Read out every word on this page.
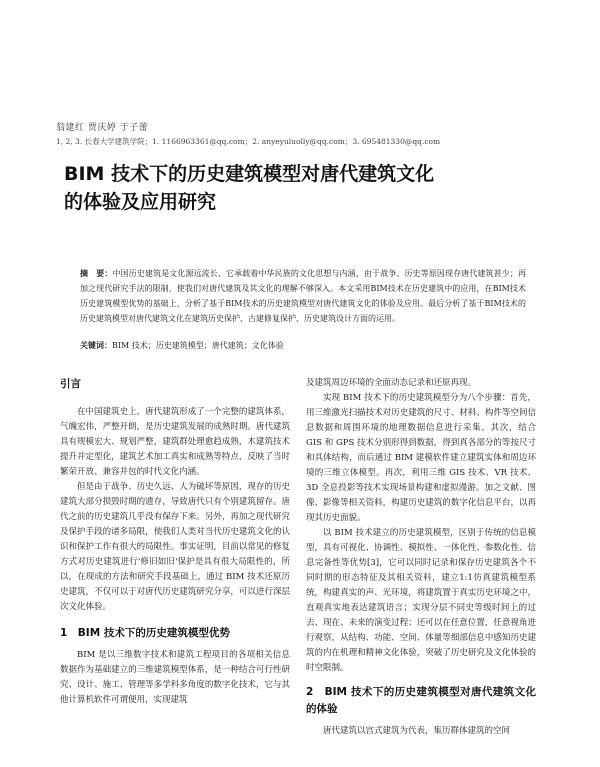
翁建红 贾庆婷 于子蕾
1, 2, 3. 长春大学建筑学院；1. 1166963361@qq.com；2. anyeyuluolly@qq.com；3. 695481330@qq.com
BIM 技术下的历史建筑模型对唐代建筑文化
的体验及应用研究
摘　要：中国历史建筑是文化源远流长、它承载着中华民族的文化思想与内涵，由于战争、历史等原因现存唐代建筑甚少；再加之现代研究手法的限制，使我们对唐代建筑及其文化的理解不够深入。本文采用BIM技术在历史建筑中的应用，在BIM技术历史建筑模型优势的基础上，分析了基于BIM技术的历史建筑模型对唐代建筑文化的体验及应用。最后分析了基于BIM技术的历史建筑模型对唐代建筑文化在建筑历史保护、古建修复保护、历史建筑设计方面的运用。
关键词：BIM 技术；历史建筑模型；唐代建筑；文化体验
引言

在中国建筑史上，唐代建筑形成了一个完整的建筑体系，气魄宏伟，严整开朗，是历史建筑发展的成熟时期。唐代建筑具有规模宏大、规划严整，建筑群处理愈趋成熟，木建筑技术提升并定型化，建筑艺术加工真实和成熟等特点，反映了当时繁荣开放、兼容并包的时代文化内涵。

但是由于战争、历史久远、人为破坏等原因，现存的历史建筑大部分损毁时期的遗存，导致唐代只有个别建筑留存。唐代之前的历史建筑几乎没有保存下来。另外，再加之现代研究及保护手段的诸多局限，使我们人类对当代历史建筑文化的认识和保护工作有很大的局限性。事实证明，目前以常见的修复方式对历史建筑进行'修旧如旧'保护是具有很大局限性的，所以，在现成的方法和研究手段基础上，通过 BIM 技术还原历史建筑，不仅可以于对唐代历史建筑研究分享，可以进行深层次文化体验。

1　BIM 技术下的历史建筑模型优势

BIM 是以三维数字技术和建筑工程项目的各项相关信息数据作为基础建立的三维建筑模型体系，是一种结合可行性研究、设计、施工、管理等多学科多角度的数字化技术，它与其他计算机软件可谓便用，实现建筑

及建筑周边环境的全面动态记录和还原再现。

实现 BIM 技术下的历史建筑模型分为八个步骤：首先，用三维激光扫描技术对历史建筑的尺寸、材料、构件等空间信息数据和周围环境的地理数据信息进行采集。其次，结合 GIS 和 GPS 技术分别形得到数据，得到真各部分的等按尺寸和具体结构，而后通过 BIM 建模软件建立建筑实体和周边环境的三维立体模型。再次，利用三维 GIS 技术、VR 技术、3D 全息投影等技术实现场景构建和虚拟漫游。加之文献、图像、影像等相关资料，构建历史建筑的数字化信息平台，以再现其历史面貌。

以 BIM 技术建立的历史建筑模型，区别于传统的信息模型，具有可视化、协调性、模拟性、一体化性、参数化性、信息完备性等优势[3]，它可以同时记录和保存历史建筑各个不同时期的形态特征及其相关资料，建立1:1仿真建筑模型系统，构建真实的声、光环境，将建筑置于真实历史环境之中，直观真实地表达建筑语言；实现分层不同史等级时间上的过去、现在、未来的演变过程；还可以在任意位置，任意视角进行观察，从结构、功能、空间、体量等细部信息中感知历史建筑的内在机理和精神文化体验，突破了历史研究及文化体验的时空限制。

2　BIM 技术下的历史建筑模型对唐代建筑文化的体验

唐代建筑以宫式建筑为代表，集历群体建筑的空间
